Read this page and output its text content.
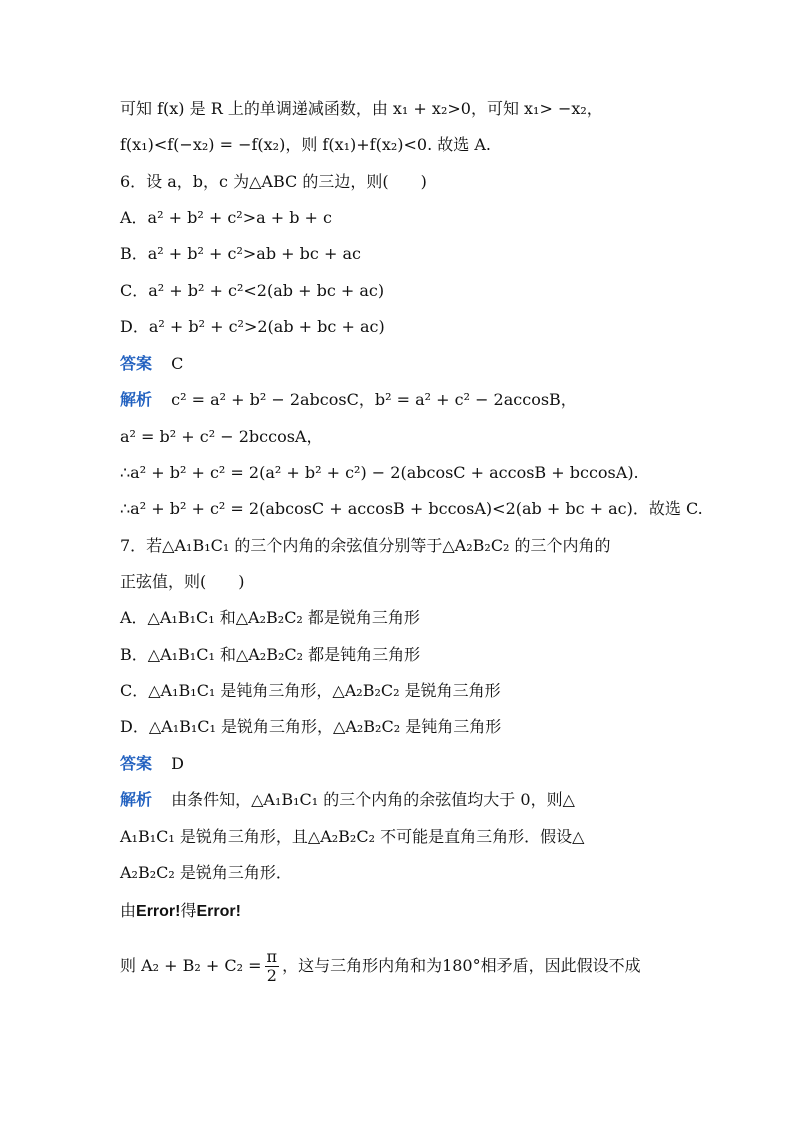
可知 f(x) 是 R 上的单调递减函数，由 x₁ + x₂>0，可知 x₁> −x₂，
f(x₁)<f(−x₂) = −f(x₂)，则 f(x₁)+f(x₂)<0. 故选 A.
6．设 a，b，c 为△ABC 的三边，则(　　)
A．a² + b² + c²>a + b + c
B．a² + b² + c²>ab + bc + ac
C．a² + b² + c²<2(ab + bc + ac)
D．a² + b² + c²>2(ab + bc + ac)
答案 C
解析 c² = a² + b² − 2abcosC，b² = a² + c² − 2accosB，
a² = b² + c² − 2bccosA，
∴a² + b² + c² = 2(a² + b² + c²) − 2(abcosC + accosB + bccosA).
∴a² + b² + c² = 2(abcosC + accosB + bccosA)<2(ab + bc + ac)．故选 C.
7．若△A₁B₁C₁ 的三个内角的余弦值分别等于△A₂B₂C₂ 的三个内角的
正弦值，则(　　)
A．△A₁B₁C₁ 和△A₂B₂C₂ 都是锐角三角形
B．△A₁B₁C₁ 和△A₂B₂C₂ 都是钝角三角形
C．△A₁B₁C₁ 是钝角三角形，△A₂B₂C₂ 是锐角三角形
D．△A₁B₁C₁ 是锐角三角形，△A₂B₂C₂ 是钝角三角形
答案 D
解析 由条件知，△A₁B₁C₁ 的三个内角的余弦值均大于 0，则△
A₁B₁C₁ 是锐角三角形，且△A₂B₂C₂ 不可能是直角三角形．假设△
A₂B₂C₂ 是锐角三角形．
由Error!得Error!
则 $A_2 + B_2 + C_2 = \frac{\pi}{2}$ ，这与三角形内角和为180°相矛盾，因此假设不成
